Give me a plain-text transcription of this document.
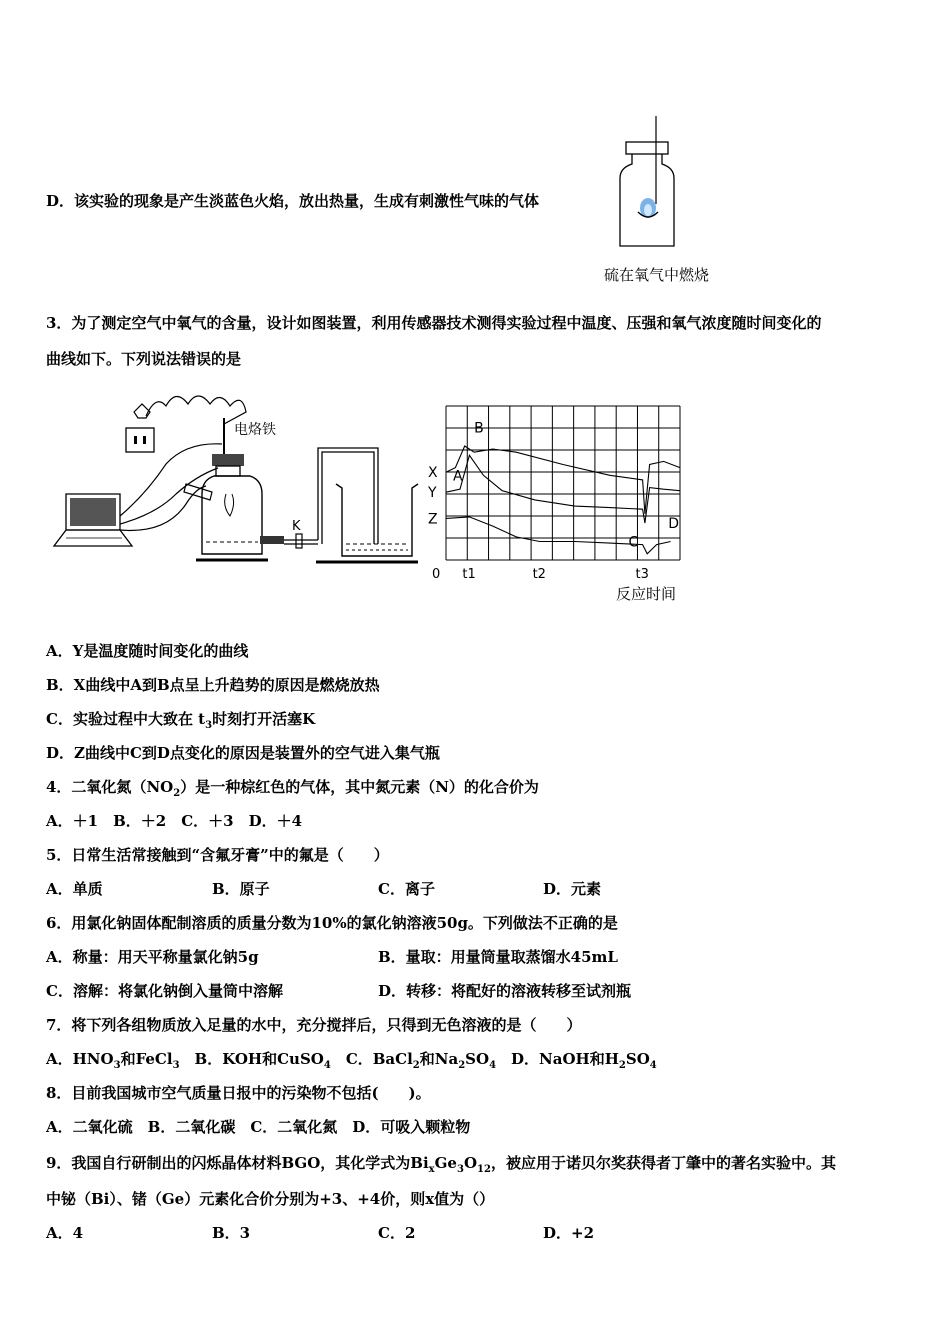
D．该实验的现象是产生淡蓝色火焰，放出热量，生成有刺激性气味的气体
硫在氧气中燃烧
3．为了测定空气中氧气的含量，设计如图装置，利用传感器技术测得实验过程中温度、压强和氧气浓度随时间变化的
曲线如下。下列说法错误的是
电烙铁
K
X
Y
Z
A
B
C
D
0 t1	t2	t3
反应时间
A．Y是温度随时间变化的曲线
B．X曲线中A到B点呈上升趋势的原因是燃烧放热
C．实验过程中大致在 $t_3$时刻打开活塞K
D．Z曲线中C到D点变化的原因是装置外的空气进入集气瓶
4．二氧化氮$(NO_2)$是一种棕红色的气体，其中氮元素（N）的化合价为
A．＋1　B．＋2　C．＋3　D．＋4
5．日常生活常接触到“含氟牙膏”中的氟是（　　）
A．单质	B．原子	C．离子	D．元素
6．用氯化钠固体配制溶质的质量分数为10%的氯化钠溶液50g。下列做法不正确的是
A．称量：用天平称量氯化钠5g	B．量取：用量筒量取蒸馏水45mL
C．溶解：将氯化钠倒入量筒中溶解	D．转移：将配好的溶液转移至试剂瓶
7．将下列各组物质放入足量的水中，充分搅拌后，只得到无色溶液的是（　　）
A．$HNO_3$和FeCl$_3$　B．KOH和CuSO$_4$　C．BaCl$_2$和$Na_2SO_4$　D．NaOH和$H_2SO_4$
8．目前我国城市空气质量日报中的污染物不包括(　　)。
A．二氧化硫　B．二氧化碳　C．二氧化氮　D．可吸入颗粒物
9．我国自行研制出的闪烁晶体材料BGO，其化学式为$Bi_xGe_3O_{12}$，被应用于诺贝尔奖获得者丁肇中的著名实验中。其
中铋（Bi）、锗（Ge）元素化合价分别为+3、+4价，则x值为（）
A．4	B．3	C．2	D．+2
